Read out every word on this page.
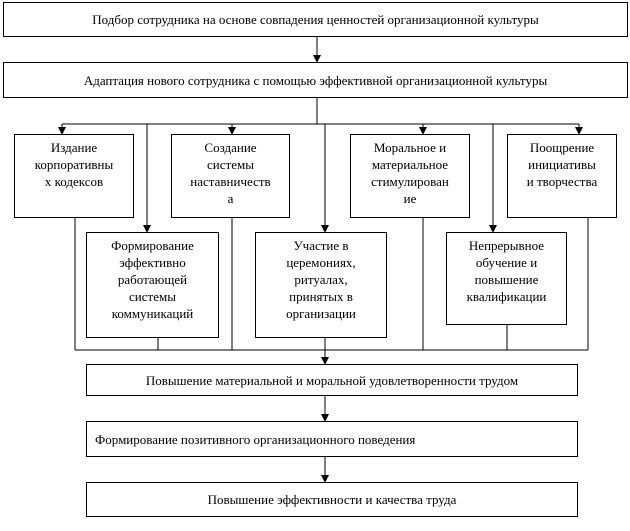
Подбор сотрудника на основе совпадения ценностей организационной культуры
Адаптация нового сотрудника с помощью эффективной организационной культуры
Издание
корпоративны
х кодексов
Создание
системы
наставничеств
а
Моральное и
материальное
стимулирован
ие
Поощрение
инициативы
и творчества
Формирование
эффективно
работающей
системы
коммуникаций
Участие в
церемониях,
ритуалах,
принятых в
организации
Непрерывное
обучение и
повышение
квалификации
Повышение материальной и моральной удовлетворенности трудом
Формирование позитивного организационного поведения
Повышение эффективности и качества труда
